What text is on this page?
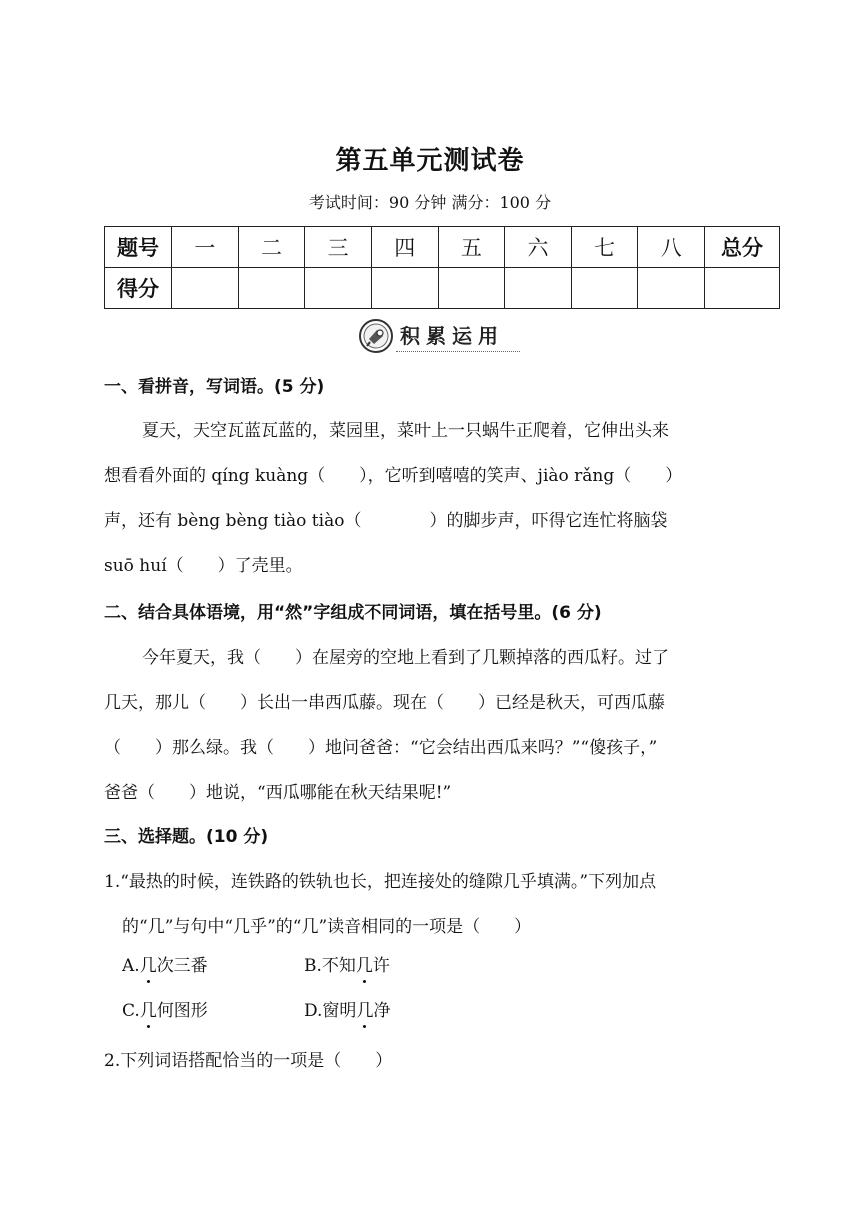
第五单元测试卷
考试时间：90 分钟 满分：100 分
题号	一	二	三	四	五	六	七	八	总分
得分									
积累运用
一、看拼音，写词语。(5 分)
夏天，天空瓦蓝瓦蓝的，菜园里，菜叶上一只蜗牛正爬着，它伸出头来
想看看外面的 qíng kuàng（　　），它听到嘻嘻的笑声、jiào rǎng（　　）
声，还有 bèng bèng tiào tiào（　　　　）的脚步声，吓得它连忙将脑袋
suō huí（　　）了壳里。
二、结合具体语境，用“然”字组成不同词语，填在括号里。(6 分)
今年夏天，我（　　）在屋旁的空地上看到了几颗掉落的西瓜籽。过了
几天，那儿（　　）长出一串西瓜藤。现在（　　）已经是秋天，可西瓜藤
（　　）那么绿。我（　　）地问爸爸：“它会结出西瓜来吗？”“傻孩子，”
爸爸（　　）地说，“西瓜哪能在秋天结果呢!”
三、选择题。(10 分)
1.“最热的时候，连铁路的铁轨也长，把连接处的缝隙几乎填满。”下列加点
的“几”与句中“几乎”的“几”读音相同的一项是（　　）
A.几次三番	B.不知几许
C.几何图形	D.窗明几净
2.下列词语搭配恰当的一项是（　　）
